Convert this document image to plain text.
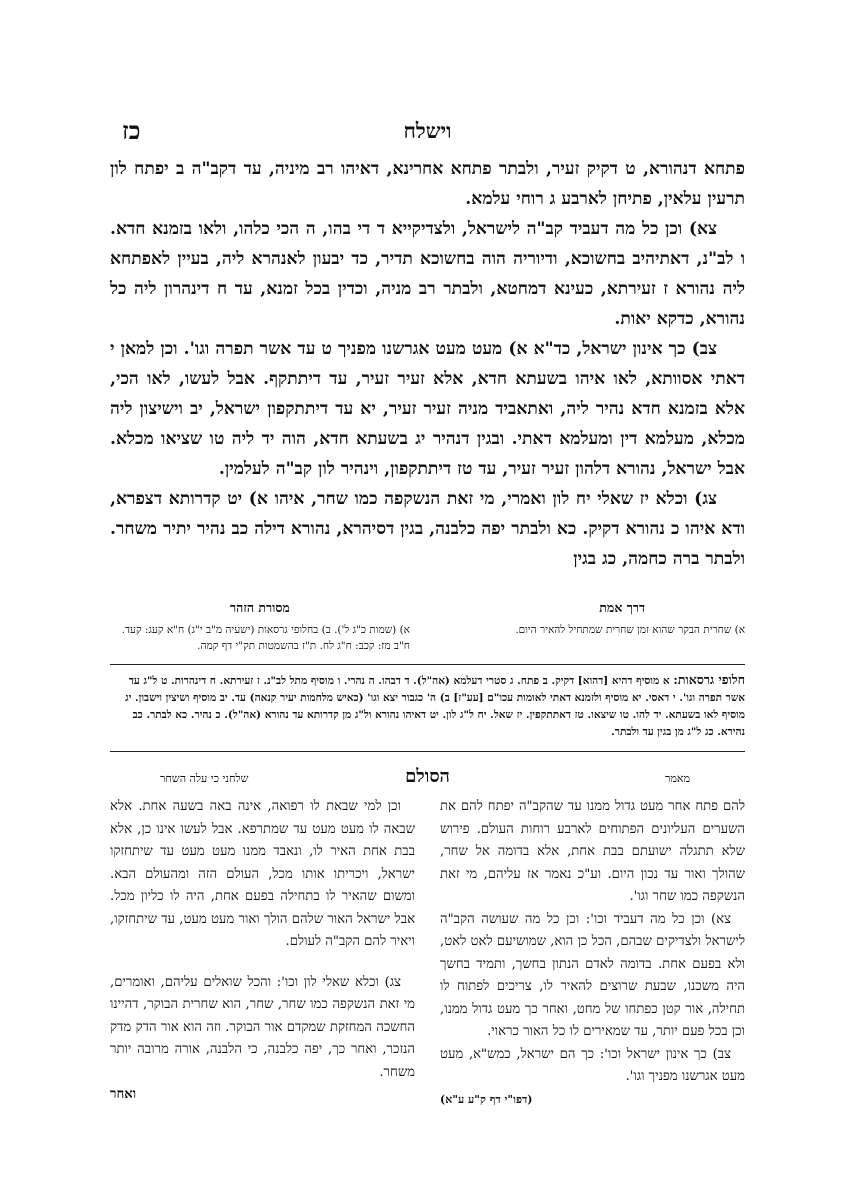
וישלח
כז

פתחא דנהורא, ט דקיק זעיר, ולבתר פתחא אחרינא, דאיהו רב מיניה, עד דקב"ה ב יפתח לון תרעין עלאין, פתיחן לארבע ג רוחי עלמא.

צא) וכן כל מה דעביד קב"ה לישראל, ולצדיקייא ד די בהו, ה הכי כלהו, ולאו בזמנא חדא. ו לב"נ, דאתיהיב בחשוכא, ודיוריה הוה בחשוכא תדיר, כד יבעון לאנהרא ליה, בעיין לאפתחא ליה נהורא ז זעירתא, כעינא דמחטא, ולבתר רב מניה, וכדין בכל זמנא, עד ח דינהרון ליה כל נהורא, כדקא יאות.

צב) כך אינון ישראל, כד"א א) מעט מעט אגרשנו מפניך ט עד אשר תפרה וגו'. וכן למאן י דאתי אסוותא, לאו איהו בשעתא חדא, אלא זעיר זעיר, עד דיתתקף. אבל לעשו, לאו הכי, אלא בזמנא חדא נהיר ליה, ואתאביד מניה זעיר זעיר, יא עד דיתתקפון ישראל, יב וישיצון ליה מכלא, מעלמא דין ומעלמא דאתי. ובגין דנהיר יג בשעתא חדא, הוה יד ליה טו שציאו מכלא. אבל ישראל, נהורא דלהון זעיר זעיר, עד טז דיתתקפון, וינהיר לון קב"ה לעלמין.

צג) וכלא יז שאלי יח לון ואמרי, מי זאת הנשקפה כמו שחר, איהו א) יט קדרותא דצפרא, ודא איהו כ נהורא דקיק. כא ולבתר יפה כלבנה, בגין דסיהרא, נהורא דילה כב נהיר יתיר משחר. ולבתר ברה כחמה, כג בגין

דרך אמת
מסורת הזהר
א) שחרית הבקר שהוא זמן שחרית שמתחיל להאיר היום.
א) (שמות כ"ג ל'). ב) בחלופי גרסאות (ישעיה מ"ב י"ג) ח"א קעג: קעד. ח"ב מז: קכב: ח"ג לח. ת"ז בהשמטות תק"י דף קמה.
חלופי גרסאות: א מוסיף דהיא [דהוא] דקיק. ב פתח. ג סטרי דעלמא (אה"ל). ד דבהו. ה נהרי. ו מוסיף מתל לב"נ. ז זעירתא. ח דינהרות. ט ל"ג עד אשר תפרה וגו'. י דאסי. יא מוסיף ולזמנא דאתי לאומות עכו"ם [עע"ז] ב) ה' כגבור יצא וגו' (כאיש מלחמות יעיר קנאה) עד. יב מוסיף ושיצין וישבון. יג מוסיף לאו בשעתא. יד להו. טו שיצאו. טז דאתתקפין. יז שאל. יח ל"ג לון. יט דאיהו נהורא ול"ג מן קדרותא עד נהורא (אה"ל). כ נהיר. כא לבתר. כב נהירא. כג ל"ג מן בגין עד ולבתר.
מאמר
הסולם
שלחני כי עלה השחר

להם פתח אחר מעט גדול ממנו עד שהקב"ה יפתח להם את השערים העליונים הפתוחים לארבע רוחות העולם. פירוש שלא תתגלה ישועתם בבת אחת, אלא בדומה אל שחר, שהולך ואור עד נכון היום. וע"כ נאמר אז עליהם, מי זאת הנשקפה כמו שחר וגו'.

צא) וכן כל מה דעביד וכו': וכן כל מה שעושה הקב"ה לישראל ולצדיקים שבהם, הכל כן הוא, שמושיעם לאט לאט, ולא בפעם אחת. בדומה לאדם הנתון בחשך, ותמיד בחשך היה משכנו, שבעת שרוצים להאיר לו, צריכים לפתוח לו תחילה, אור קטן כפתחו של מחט, ואחר כך מעט גדול ממנו, וכן בכל פעם יותר, עד שמאירים לו כל האור כראוי.

צב) כך אינון ישראל וכו': כך הם ישראל, כמש"א, מעט מעט אגרשנו מפניך וגו'.

(דפו"י דף ק"ע ע"א)

וכן למי שבאת לו רפואה, אינה באה בשעה אחת. אלא שבאה לו מעט מעט עד שמתרפא. אבל לעשו אינו כן, אלא בבת אחת האיר לו, ונאבד ממנו מעט מעט עד שיתחזקו ישראל, ויכריתו אותו מכל, העולם הזה ומהעולם הבא. ומשום שהאיר לו בתחילה בפעם אחת, היה לו כליון מכל. אבל ישראל האור שלהם הולך ואור מעט מעט, עד שיתחזקו, ויאיר להם הקב"ה לעולם.

צג) וכלא שאלי לון וכו': והכל שואלים עליהם, ואומרים, מי זאת הנשקפה כמו שחר, שחר, הוא שחרית הבוקר, דהיינו החשכה המחזקת שמקדם אור הבוקר. וזה הוא אור הדק מדק הנזכר, ואחר כך, יפה כלבנה, כי הלבנה, אורה מרובה יותר משחר.

ואחר
